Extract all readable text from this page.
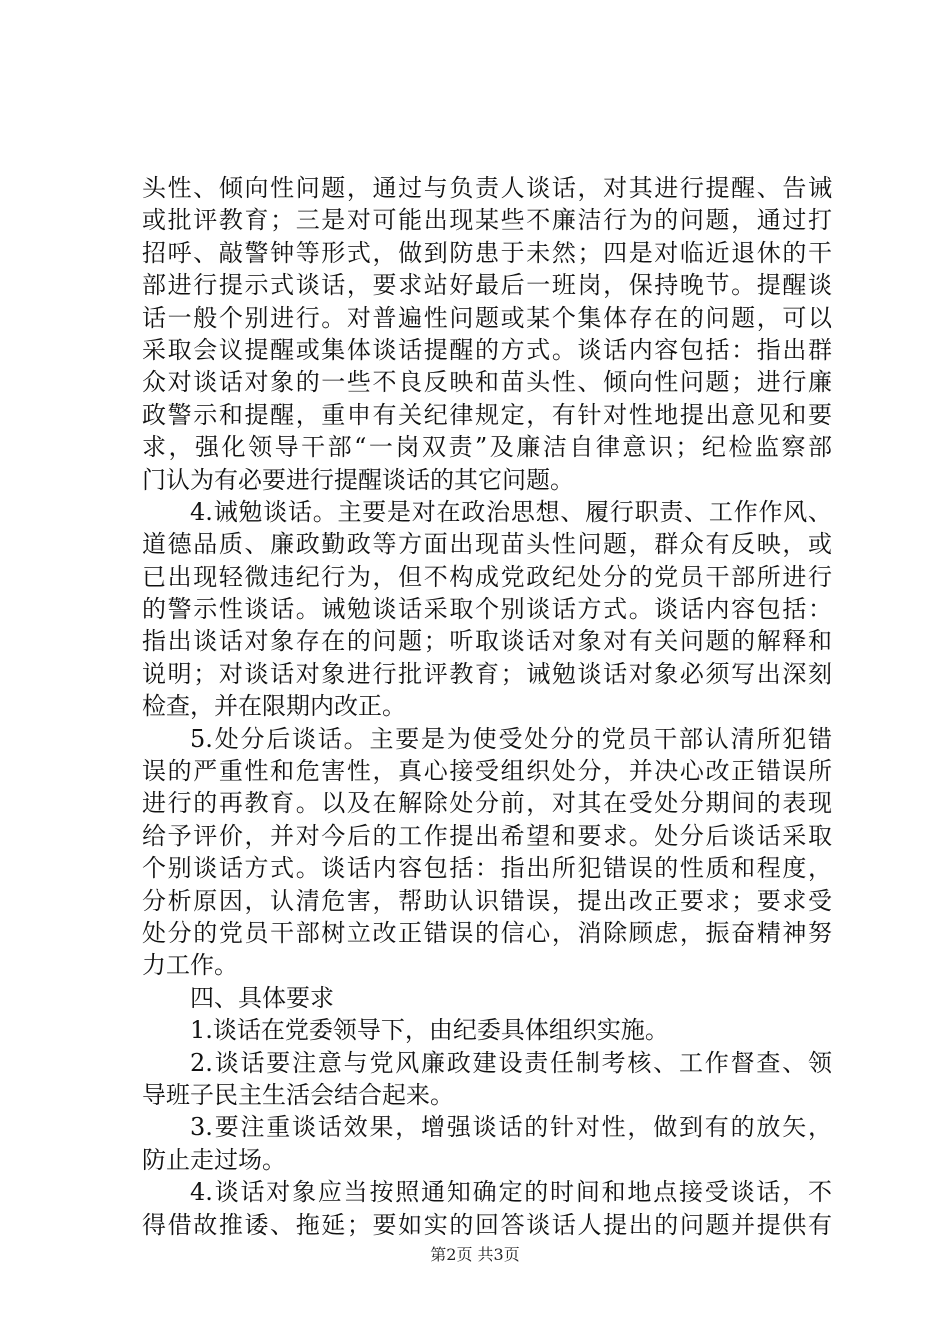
头性、倾向性问题，通过与负责人谈话，对其进行提醒、告诫
或批评教育；三是对可能出现某些不廉洁行为的问题，通过打
招呼、敲警钟等形式，做到防患于未然；四是对临近退休的干
部进行提示式谈话，要求站好最后一班岗，保持晚节。提醒谈
话一般个别进行。对普遍性问题或某个集体存在的问题，可以
采取会议提醒或集体谈话提醒的方式。谈话内容包括：指出群
众对谈话对象的一些不良反映和苗头性、倾向性问题；进行廉
政警示和提醒，重申有关纪律规定，有针对性地提出意见和要
求，强化领导干部“一岗双责”及廉洁自律意识；纪检监察部
门认为有必要进行提醒谈话的其它问题。
4.诫勉谈话。主要是对在政治思想、履行职责、工作作风、
道德品质、廉政勤政等方面出现苗头性问题，群众有反映，或
已出现轻微违纪行为，但不构成党政纪处分的党员干部所进行
的警示性谈话。诫勉谈话采取个别谈话方式。谈话内容包括：
指出谈话对象存在的问题；听取谈话对象对有关问题的解释和
说明；对谈话对象进行批评教育；诫勉谈话对象必须写出深刻
检查，并在限期内改正。
5.处分后谈话。主要是为使受处分的党员干部认清所犯错
误的严重性和危害性，真心接受组织处分，并决心改正错误所
进行的再教育。以及在解除处分前，对其在受处分期间的表现
给予评价，并对今后的工作提出希望和要求。处分后谈话采取
个别谈话方式。谈话内容包括：指出所犯错误的性质和程度，
分析原因，认清危害，帮助认识错误，提出改正要求；要求受
处分的党员干部树立改正错误的信心，消除顾虑，振奋精神努
力工作。
四、具体要求
1.谈话在党委领导下，由纪委具体组织实施。
2.谈话要注意与党风廉政建设责任制考核、工作督查、领
导班子民主生活会结合起来。
3.要注重谈话效果，增强谈话的针对性，做到有的放矢，
防止走过场。
4.谈话对象应当按照通知确定的时间和地点接受谈话，不
得借故推诿、拖延；要如实的回答谈话人提出的问题并提供有
第2页 共3页
